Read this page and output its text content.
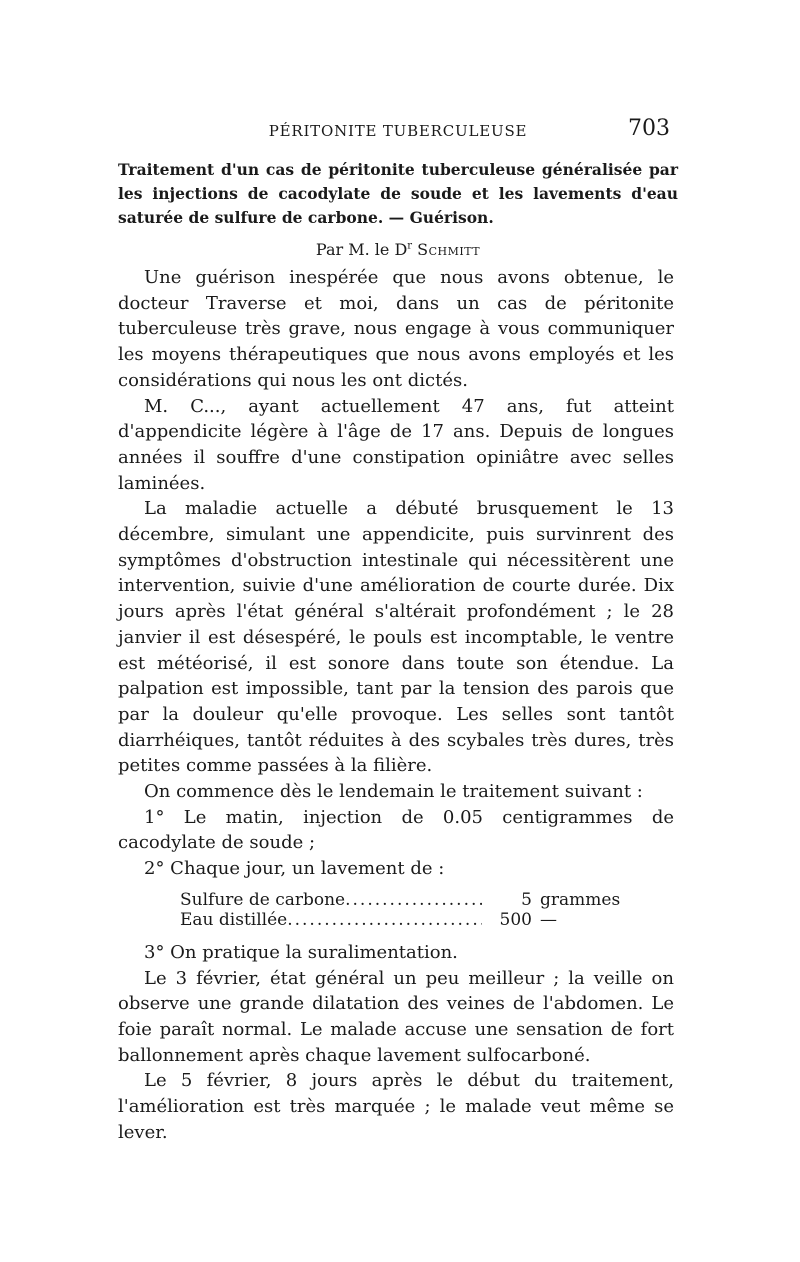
PÉRITONITE TUBERCULEUSE	703
Traitement d'un cas de péritonite tuberculeuse généralisée par les injections de cacodylate de soude et les lavements d'eau saturée de sulfure de carbone. — Guérison.
Par M. le $D^r$ Schmitt

Une guérison inespérée que nous avons obtenue, le docteur Traverse et moi, dans un cas de péritonite tuberculeuse très grave, nous engage à vous communiquer les moyens thérapeutiques que nous avons employés et les considérations qui nous les ont dictés.

M. C..., ayant actuellement 47 ans, fut atteint d'appendicite légère à l'âge de 17 ans. Depuis de longues années il souffre d'une constipation opiniâtre avec selles laminées.

La maladie actuelle a débuté brusquement le 13 décembre, simulant une appendicite, puis survinrent des symptômes d'obstruction intestinale qui nécessitèrent une intervention, suivie d'une amélioration de courte durée. Dix jours après l'état général s'altérait profondément ; le 28 janvier il est désespéré, le pouls est incomptable, le ventre est météorisé, il est sonore dans toute son étendue. La palpation est impossible, tant par la tension des parois que par la douleur qu'elle provoque. Les selles sont tantôt diarrhéiques, tantôt réduites à des scybales très dures, très petites comme passées à la filière.

On commence dès le lendemain le traitement suivant :

1° Le matin, injection de 0.05 centigrammes de cacodylate de soude ;

2° Chaque jour, un lavement de :

Sulfure de carbone .....	5 grammes
Eau distillée .....	500 —

3° On pratique la suralimentation.

Le 3 février, état général un peu meilleur ; la veille on observe une grande dilatation des veines de l'abdomen. Le foie paraît normal. Le malade accuse une sensation de fort ballonnement après chaque lavement sulfocarboné.

Le 5 février, 8 jours après le début du traitement, l'amélioration est très marquée ; le malade veut même se lever.
